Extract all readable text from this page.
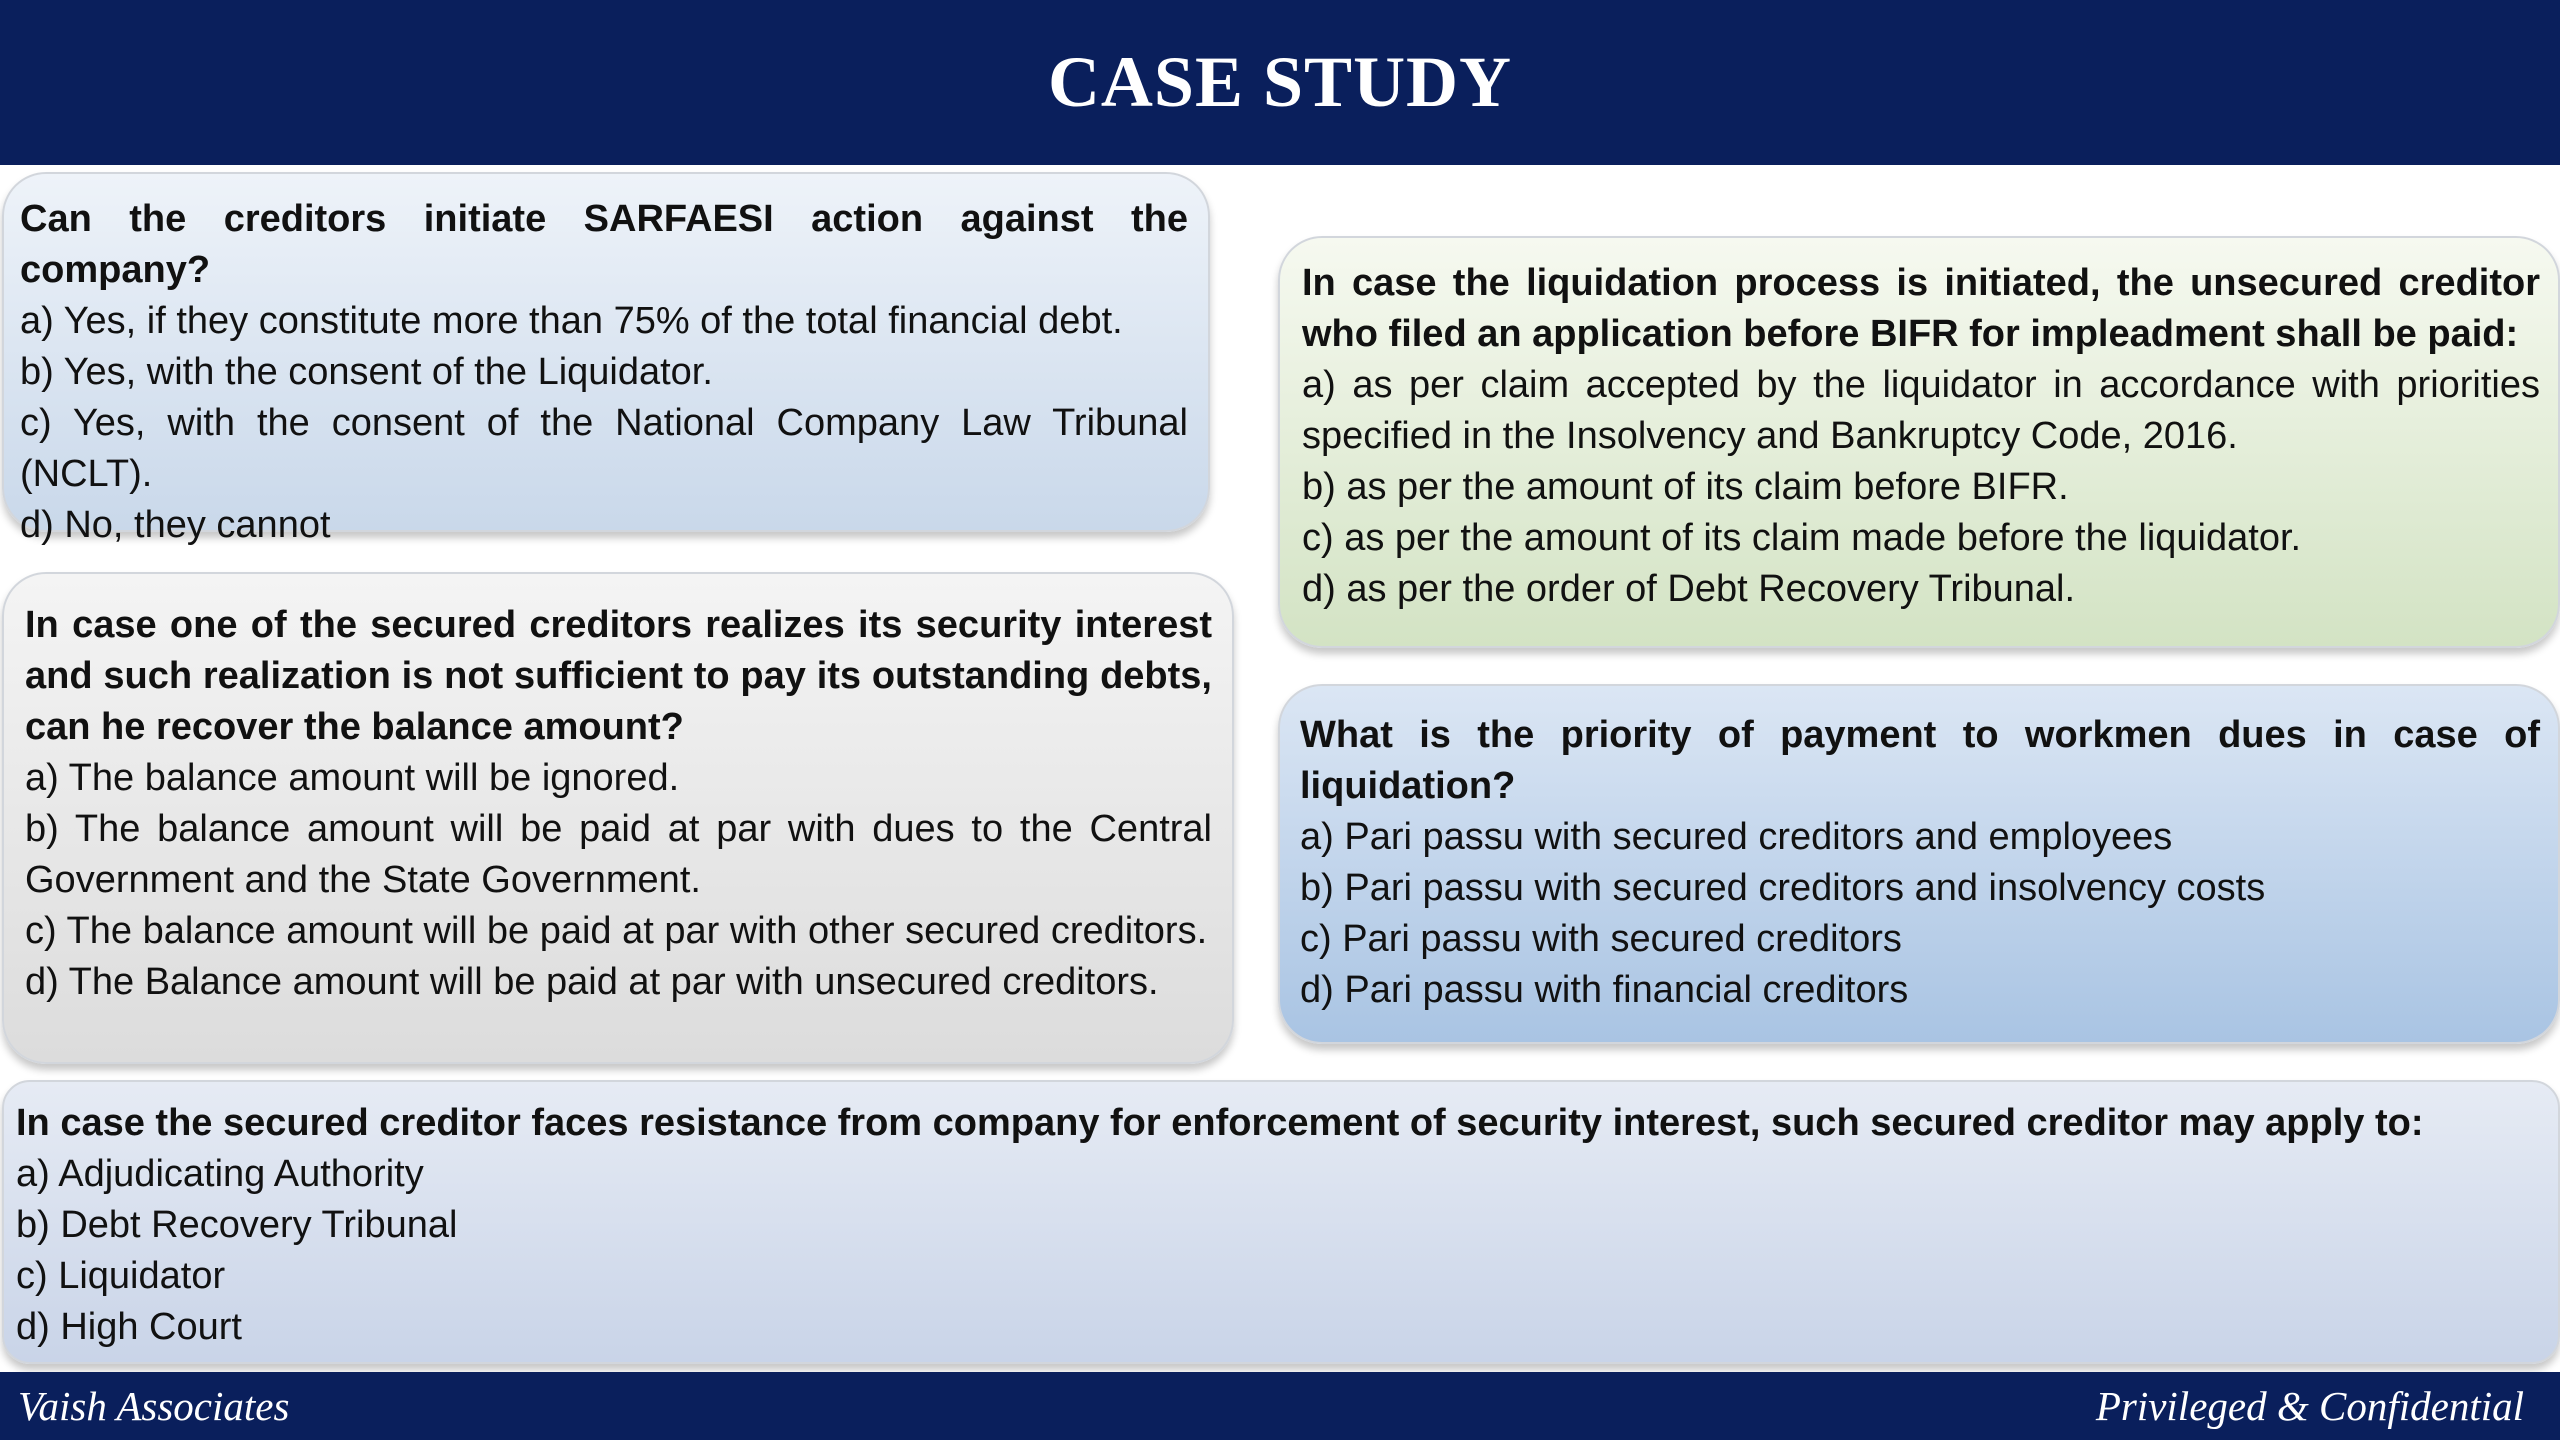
CASE STUDY

Can the creditors initiate SARFAESI action against the company?

a) Yes, if they constitute more than 75% of the total financial debt.
b) Yes, with the consent of the Liquidator.
c) Yes, with the consent of the National Company Law Tribunal (NCLT).
d) No, they cannot

In case the liquidation process is initiated, the unsecured creditor who filed an application before BIFR for impleadment shall be paid:

a) as per claim accepted by the liquidator in accordance with priorities specified in the Insolvency and Bankruptcy Code, 2016.
b) as per the amount of its claim before BIFR.
c) as per the amount of its claim made before the liquidator.
d) as per the order of Debt Recovery Tribunal.

In case one of the secured creditors realizes its security interest and such realization is not sufficient to pay its outstanding debts, can he recover the balance amount?

a) The balance amount will be ignored.
b) The balance amount will be paid at par with dues to the Central Government and the State Government.
c) The balance amount will be paid at par with other secured creditors.
d) The Balance amount will be paid at par with unsecured creditors.

What is the priority of payment to workmen dues in case of liquidation?

a) Pari passu with secured creditors and employees
b) Pari passu with secured creditors and insolvency costs
c) Pari passu with secured creditors
d) Pari passu with financial creditors

In case the secured creditor faces resistance from company for enforcement of security interest, such secured creditor may apply to:

a) Adjudicating Authority
b) Debt Recovery Tribunal
c) Liquidator
d) High Court
Vaish Associates	Privileged & Confidential
